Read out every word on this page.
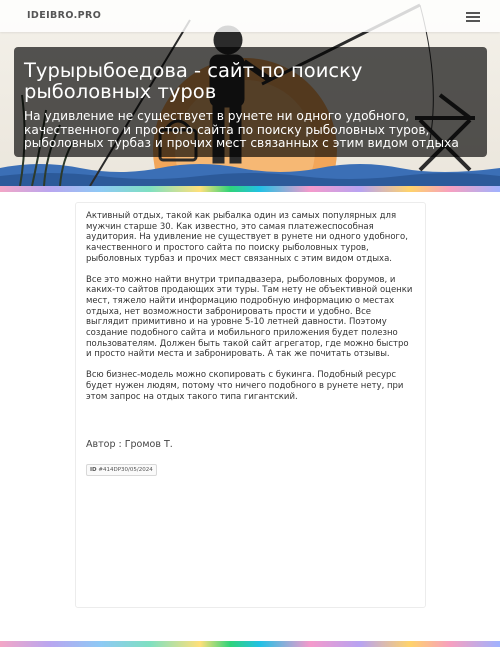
IDEIBRO.PRO
Турырыбоедова - сайт по поиску рыболовных туров

На удивление не существует в рунете ни одного удобного, качественного и простого сайта по поиску рыболовных туров, рыболовных турбаз и прочих мест связанных с этим видом отдыха

Активный отдых, такой как рыбалка один из самых популярных для мужчин старше 30. Как известно, это самая платежеспособная аудитория. На удивление не существует в рунете ни одного удобного, качественного и простого сайта по поиску рыболовных туров, рыболовных турбаз и прочих мест связанных с этим видом отдыха.

Все это можно найти внутри трипадвазера, рыболовных форумов, и каких-то сайтов продающих эти туры. Там нету не объективной оценки мест, тяжело найти информацию подробную информацию о местах отдыха, нет возможности забронировать прости и удобно. Все выглядит примитивно и на уровне 5-10 летней давности. Поэтому создание подобного сайта и мобильного приложения будет полезно пользователям. Должен быть такой сайт агрегатор, где можно быстро и просто найти места и забронировать. А так же почитать отзывы.

Всю бизнес-модель можно скопировать с букинга. Подобный ресурс будет нужен людям, потому что ничего подобного в рунете нету, при этом запрос на отдых такого типа гигантский.

Автор : Громов Т.
ID #414DP30/05/2024
